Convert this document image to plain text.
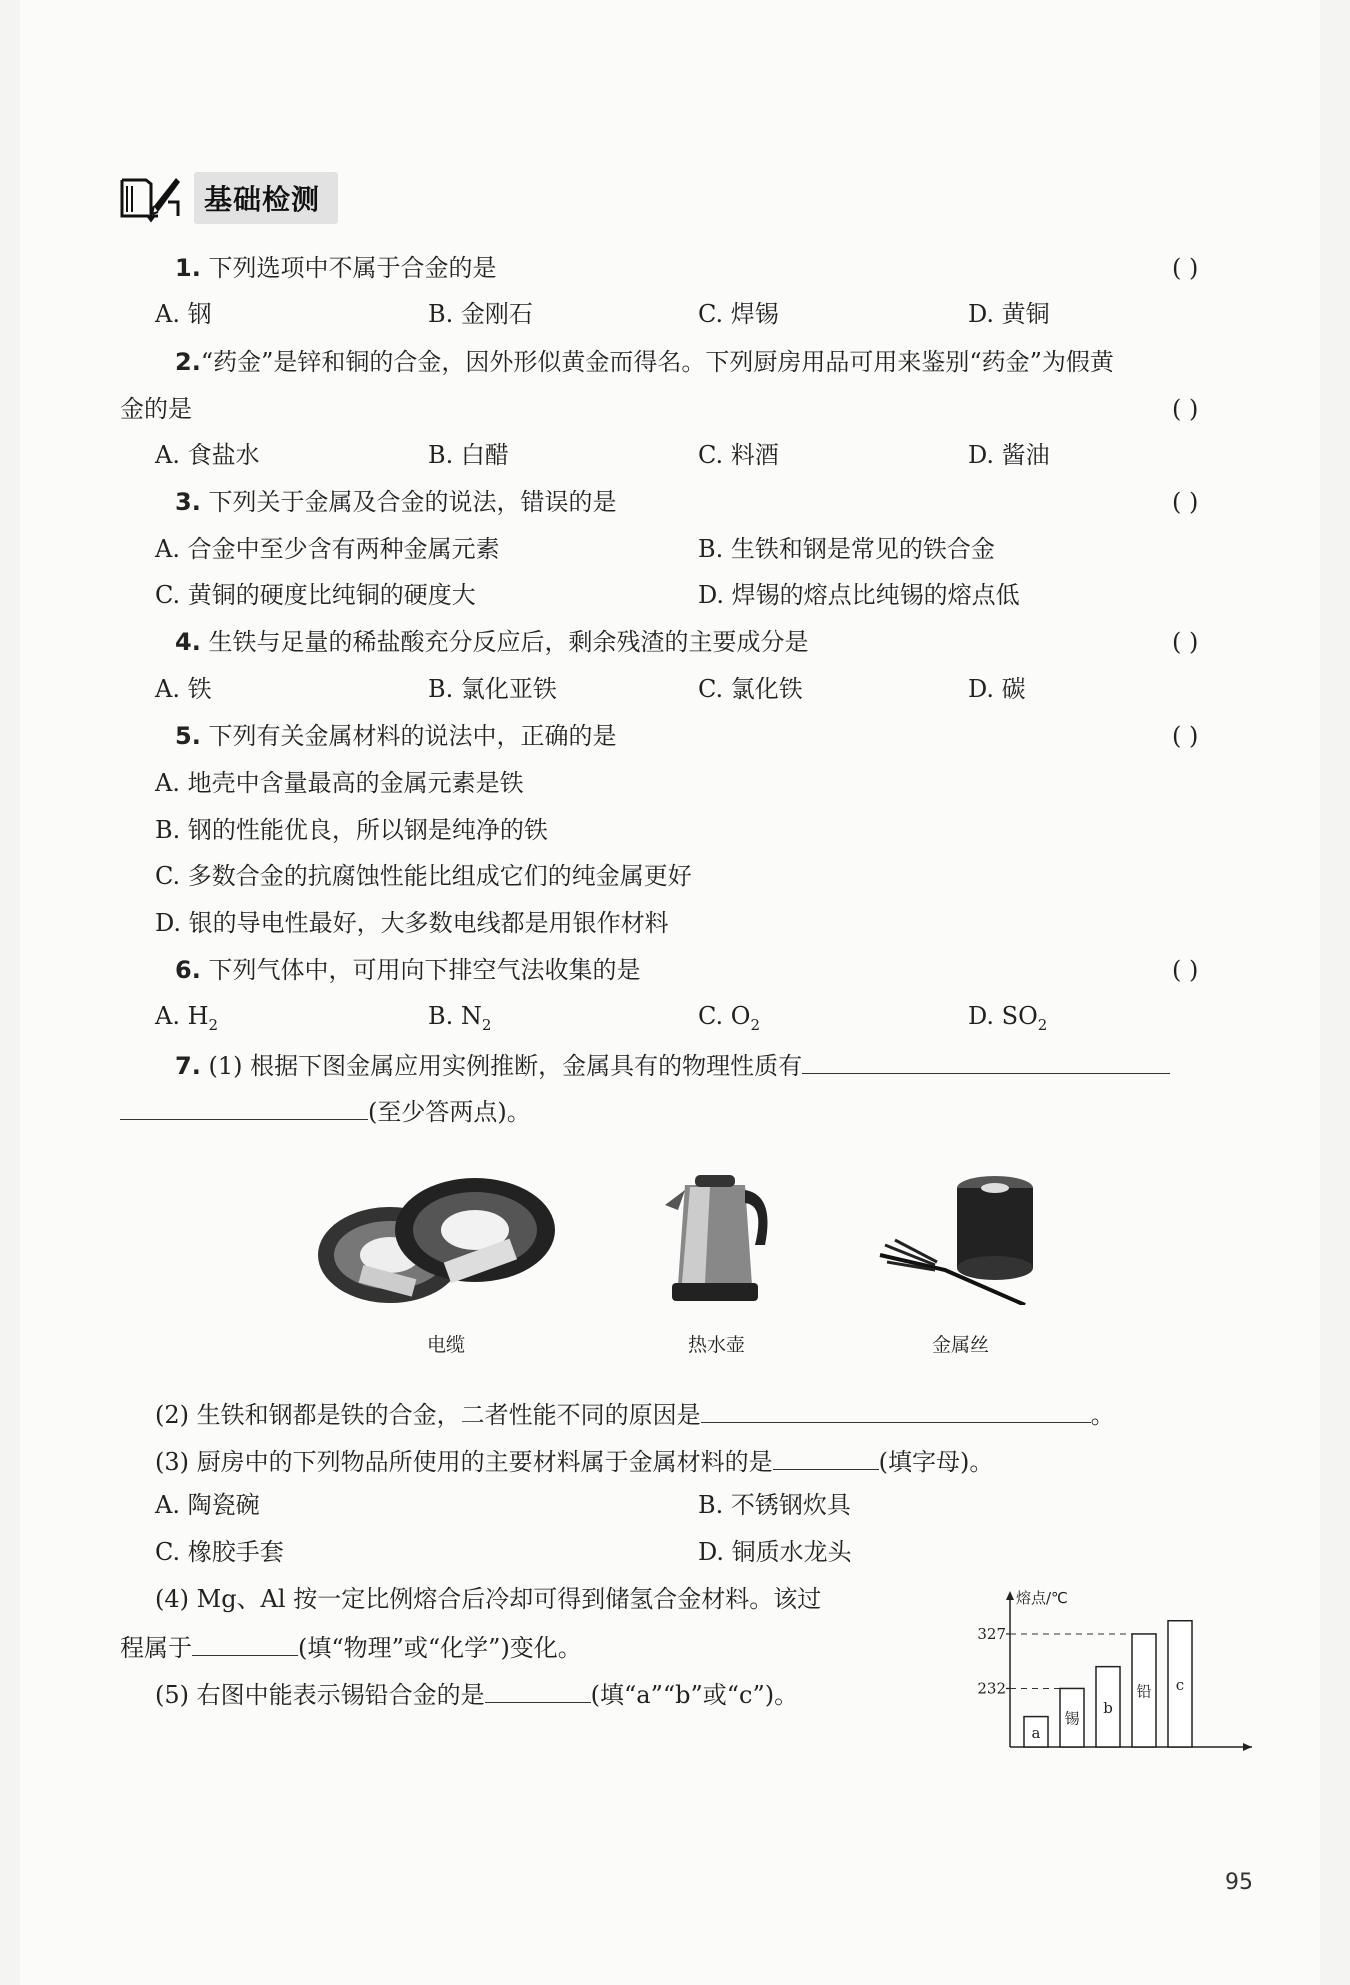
基础检测
1. 下列选项中不属于合金的是	( )
A. 钢	B. 金刚石	C. 焊锡	D. 黄铜
2.“药金”是锌和铜的合金，因外形似黄金而得名。下列厨房用品可用来鉴别“药金”为假黄
金的是	( )
A. 食盐水	B. 白醋	C. 料酒	D. 酱油
3. 下列关于金属及合金的说法，错误的是	( )
A. 合金中至少含有两种金属元素	B. 生铁和钢是常见的铁合金
C. 黄铜的硬度比纯铜的硬度大	D. 焊锡的熔点比纯锡的熔点低
4. 生铁与足量的稀盐酸充分反应后，剩余残渣的主要成分是	( )
A. 铁	B. 氯化亚铁	C. 氯化铁	D. 碳
5. 下列有关金属材料的说法中，正确的是	( )
A. 地壳中含量最高的金属元素是铁
B. 钢的性能优良，所以钢是纯净的铁
C. 多数合金的抗腐蚀性能比组成它们的纯金属更好
D. 银的导电性最好，大多数电线都是用银作材料
6. 下列气体中，可用向下排空气法收集的是	( )
A. $H_2$	B. $N_2$	C. $O_2$	D. $SO_2$
7. (1) 根据下图金属应用实例推断，金属具有的物理性质有
(至少答两点)。
电缆	热水壶	金属丝
(2) 生铁和钢都是铁的合金，二者性能不同的原因是	。
(3) 厨房中的下列物品所使用的主要材料属于金属材料的是	(填字母)。
A. 陶瓷碗	B. 不锈钢炊具
C. 橡胶手套	D. 铜质水龙头
(4) Mg、Al 按一定比例熔合后冷却可得到储氢合金材料。该过
程属于	(填“物理”或“化学”)变化。
(5) 右图中能表示锡铅合金的是	(填“a”“b”或“c”)。
熔点/℃
232
327
a
锡
b
铅 c
95
